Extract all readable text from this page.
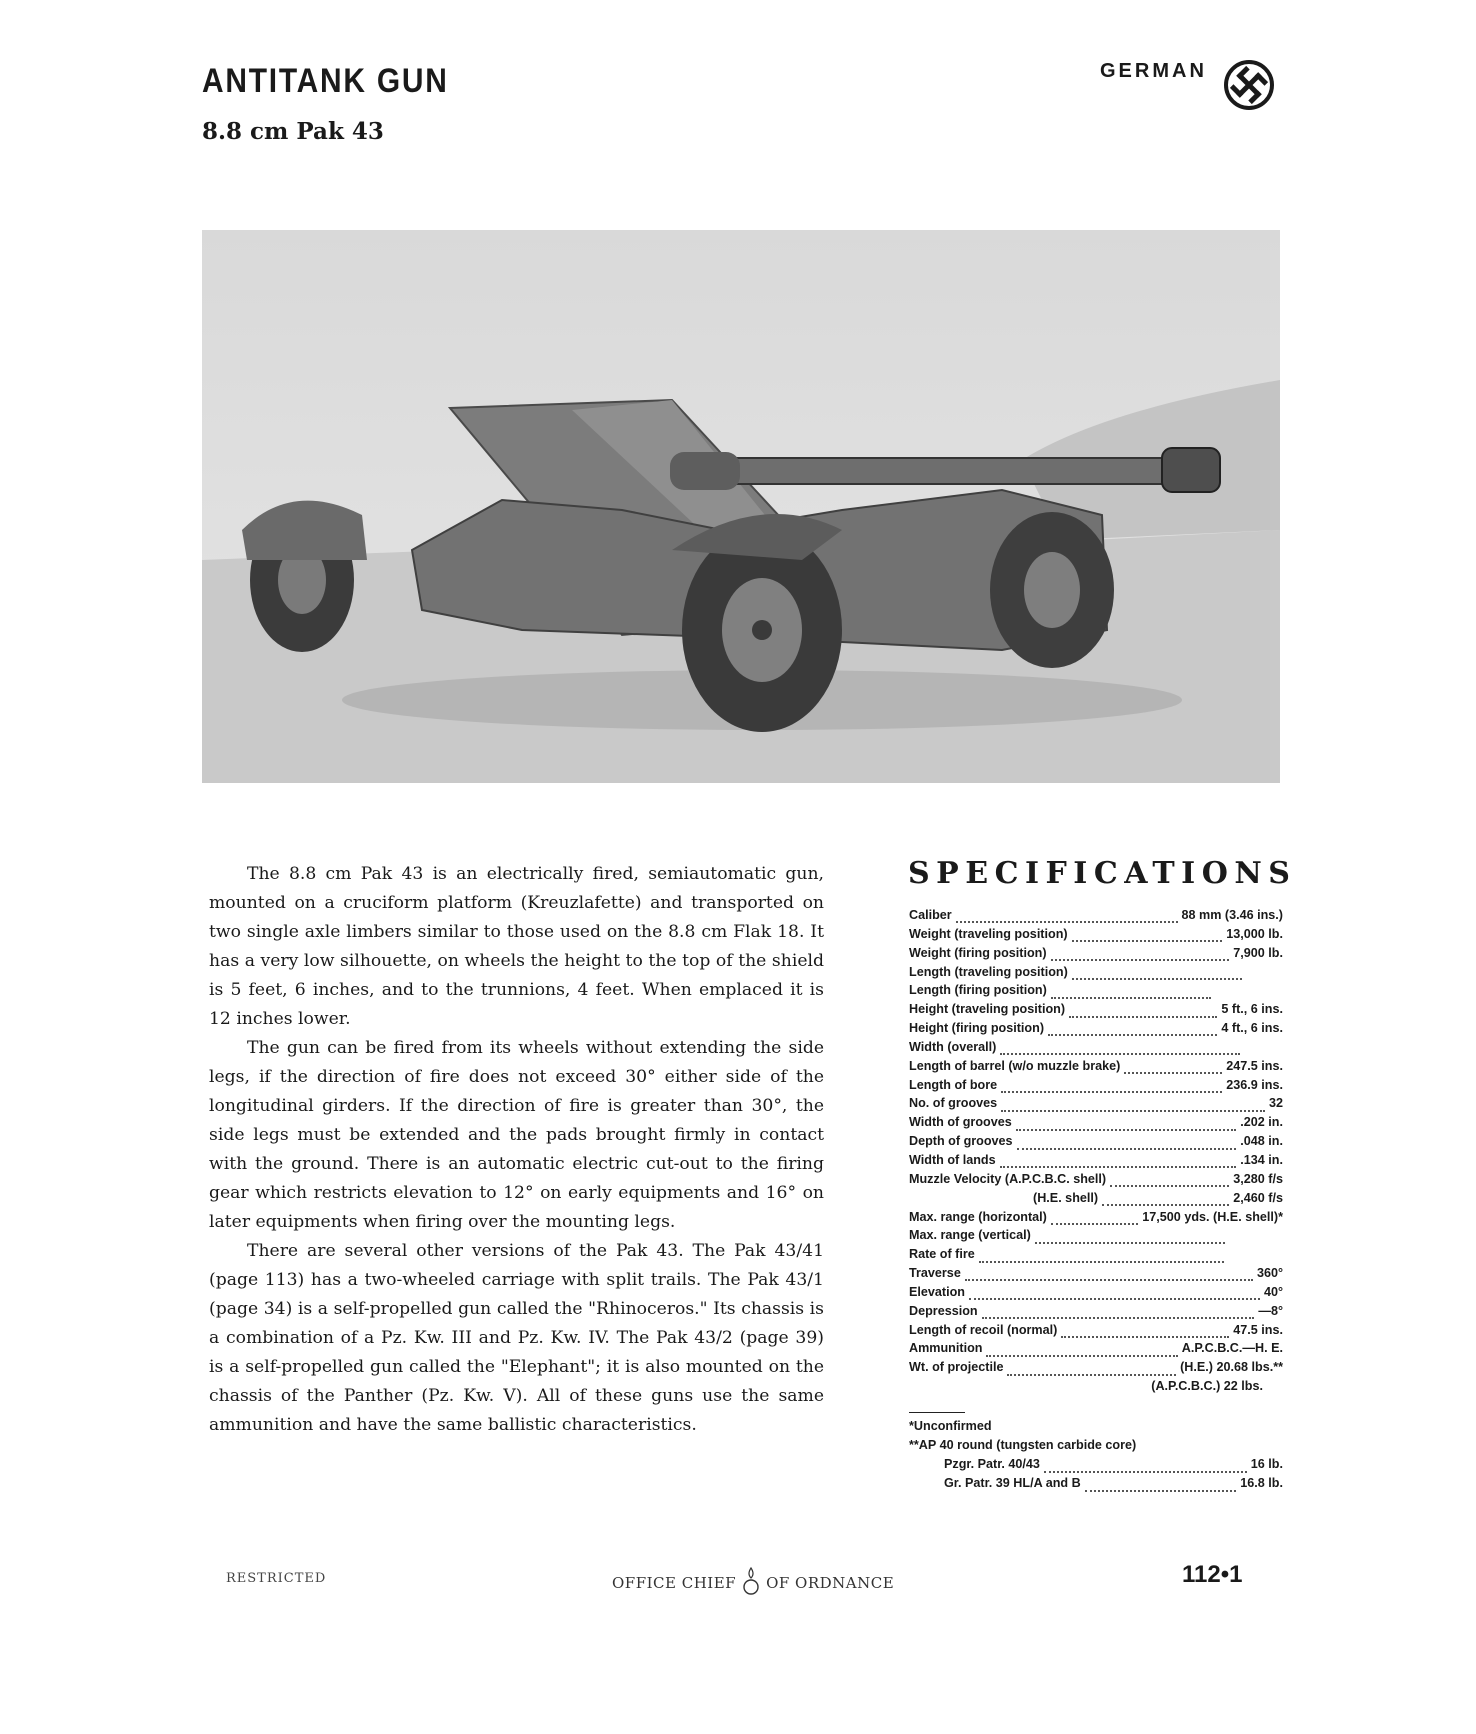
ANTITANK GUN
8.8 cm Pak 43
GERMAN

The 8.8 cm Pak 43 is an electrically fired, semiautomatic gun, mounted on a cruciform platform (Kreuzlafette) and transported on two single axle limbers similar to those used on the 8.8 cm Flak 18. It has a very low silhouette, on wheels the height to the top of the shield is 5 feet, 6 inches, and to the trunnions, 4 feet. When emplaced it is 12 inches lower.

The gun can be fired from its wheels without extending the side legs, if the direction of fire does not exceed 30° either side of the longitudinal girders. If the direction of fire is greater than 30°, the side legs must be extended and the pads brought firmly in contact with the ground. There is an automatic electric cut-out to the firing gear which restricts elevation to 12° on early equipments and 16° on later equipments when firing over the mounting legs.

There are several other versions of the Pak 43. The Pak 43/41 (page 113) has a two-wheeled carriage with split trails. The Pak 43/1 (page 34) is a self-propelled gun called the "Rhinoceros." Its chassis is a combination of a Pz. Kw. III and Pz. Kw. IV. The Pak 43/2 (page 39) is a self-propelled gun called the "Elephant"; it is also mounted on the chassis of the Panther (Pz. Kw. V). All of these guns use the same ammunition and have the same ballistic characteristics.

SPECIFICATIONS
Caliber	88 mm (3.46 ins.)
Weight (traveling position)	13,000 lb.
Weight (firing position)	7,900 lb.
Length (traveling position)
Length (firing position)
Height (traveling position)	5 ft., 6 ins.
Height (firing position)	4 ft., 6 ins.
Width (overall)
Length of barrel (w/o muzzle brake)	247.5 ins.
Length of bore	236.9 ins.
No. of grooves	32
Width of grooves	.202 in.
Depth of grooves	.048 in.
Width of lands	.134 in.
Muzzle Velocity (A.P.C.B.C. shell)	3,280 f/s
(H.E. shell)	2,460 f/s
Max. range (horizontal)	17,500 yds. (H.E. shell)*
Max. range (vertical)
Rate of fire
Traverse	360°
Elevation	40°
Depression	—8°
Length of recoil (normal)	47.5 ins.
Ammunition	A.P.C.B.C.—H. E.
Wt. of projectile	(H.E.) 20.68 lbs.**
(A.P.C.B.C.) 22 lbs.
*Unconfirmed
**AP 40 round (tungsten carbide core)
Pzgr. Patr. 40/43	16 lb.
Gr. Patr. 39 HL/A and B	16.8 lb.
RESTRICTED	OFFICE CHIEF OF ORDNANCE	112•1
